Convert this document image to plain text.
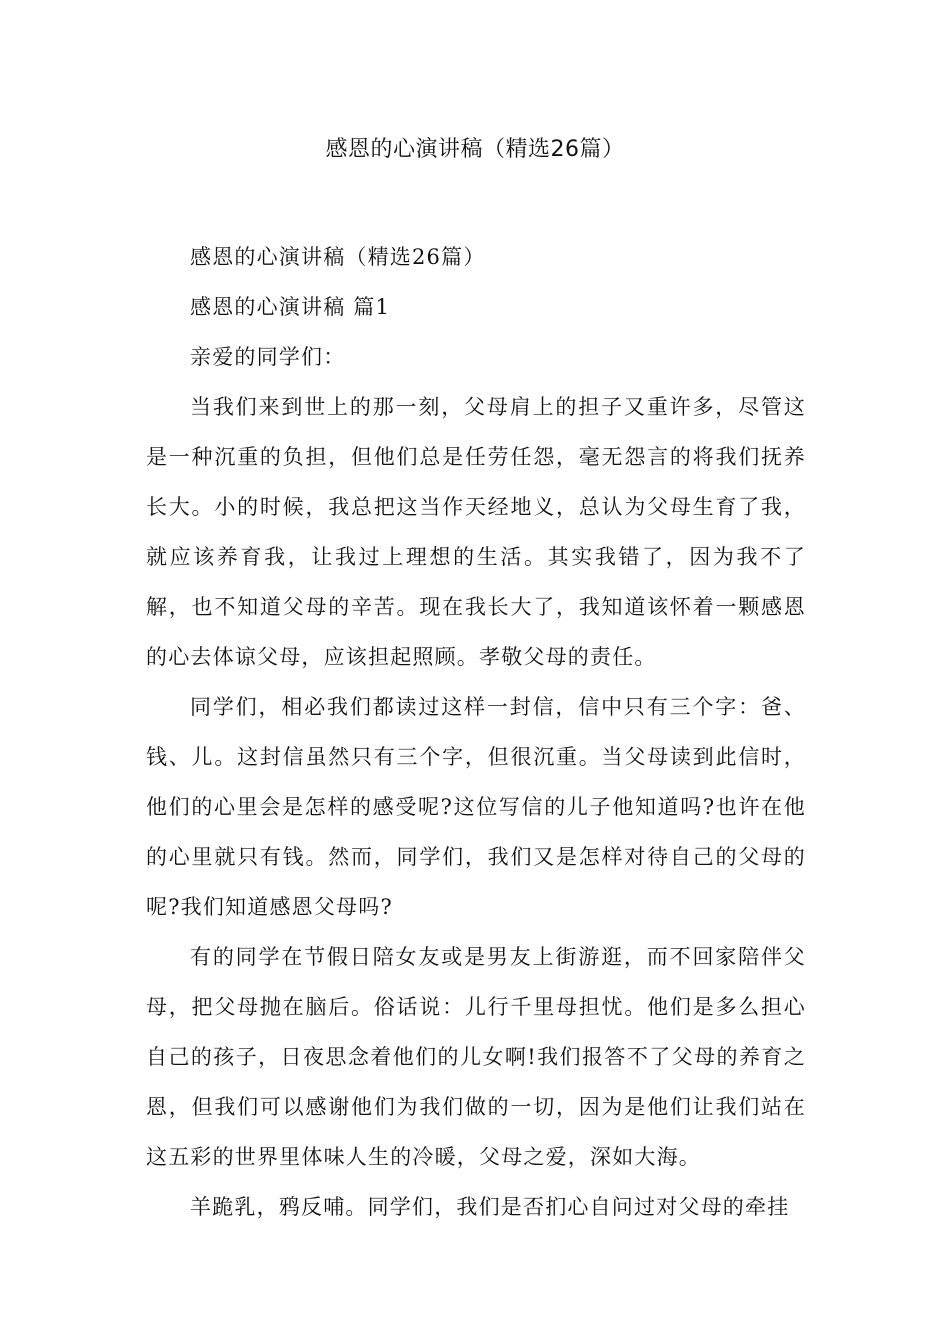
感恩的心演讲稿（精选26篇）

感恩的心演讲稿（精选26篇）

感恩的心演讲稿 篇1

亲爱的同学们：

当我们来到世上的那一刻，父母肩上的担子又重许多，尽管这是一种沉重的负担，但他们总是任劳任怨，毫无怨言的将我们抚养长大。小的时候，我总把这当作天经地义，总认为父母生育了我，就应该养育我，让我过上理想的生活。其实我错了，因为我不了解，也不知道父母的辛苦。现在我长大了，我知道该怀着一颗感恩的心去体谅父母，应该担起照顾。孝敬父母的责任。

同学们，相必我们都读过这样一封信，信中只有三个字：爸、钱、儿。这封信虽然只有三个字，但很沉重。当父母读到此信时，他们的心里会是怎样的感受呢?这位写信的儿子他知道吗?也许在他的心里就只有钱。然而，同学们，我们又是怎样对待自己的父母的呢?我们知道感恩父母吗?

有的同学在节假日陪女友或是男友上街游逛，而不回家陪伴父母，把父母抛在脑后。俗话说：儿行千里母担忧。他们是多么担心自己的孩子，日夜思念着他们的儿女啊!我们报答不了父母的养育之恩，但我们可以感谢他们为我们做的一切，因为是他们让我们站在这五彩的世界里体味人生的冷暖，父母之爱，深如大海。

羊跪乳，鸦反哺。同学们，我们是否扪心自问过对父母的牵挂
